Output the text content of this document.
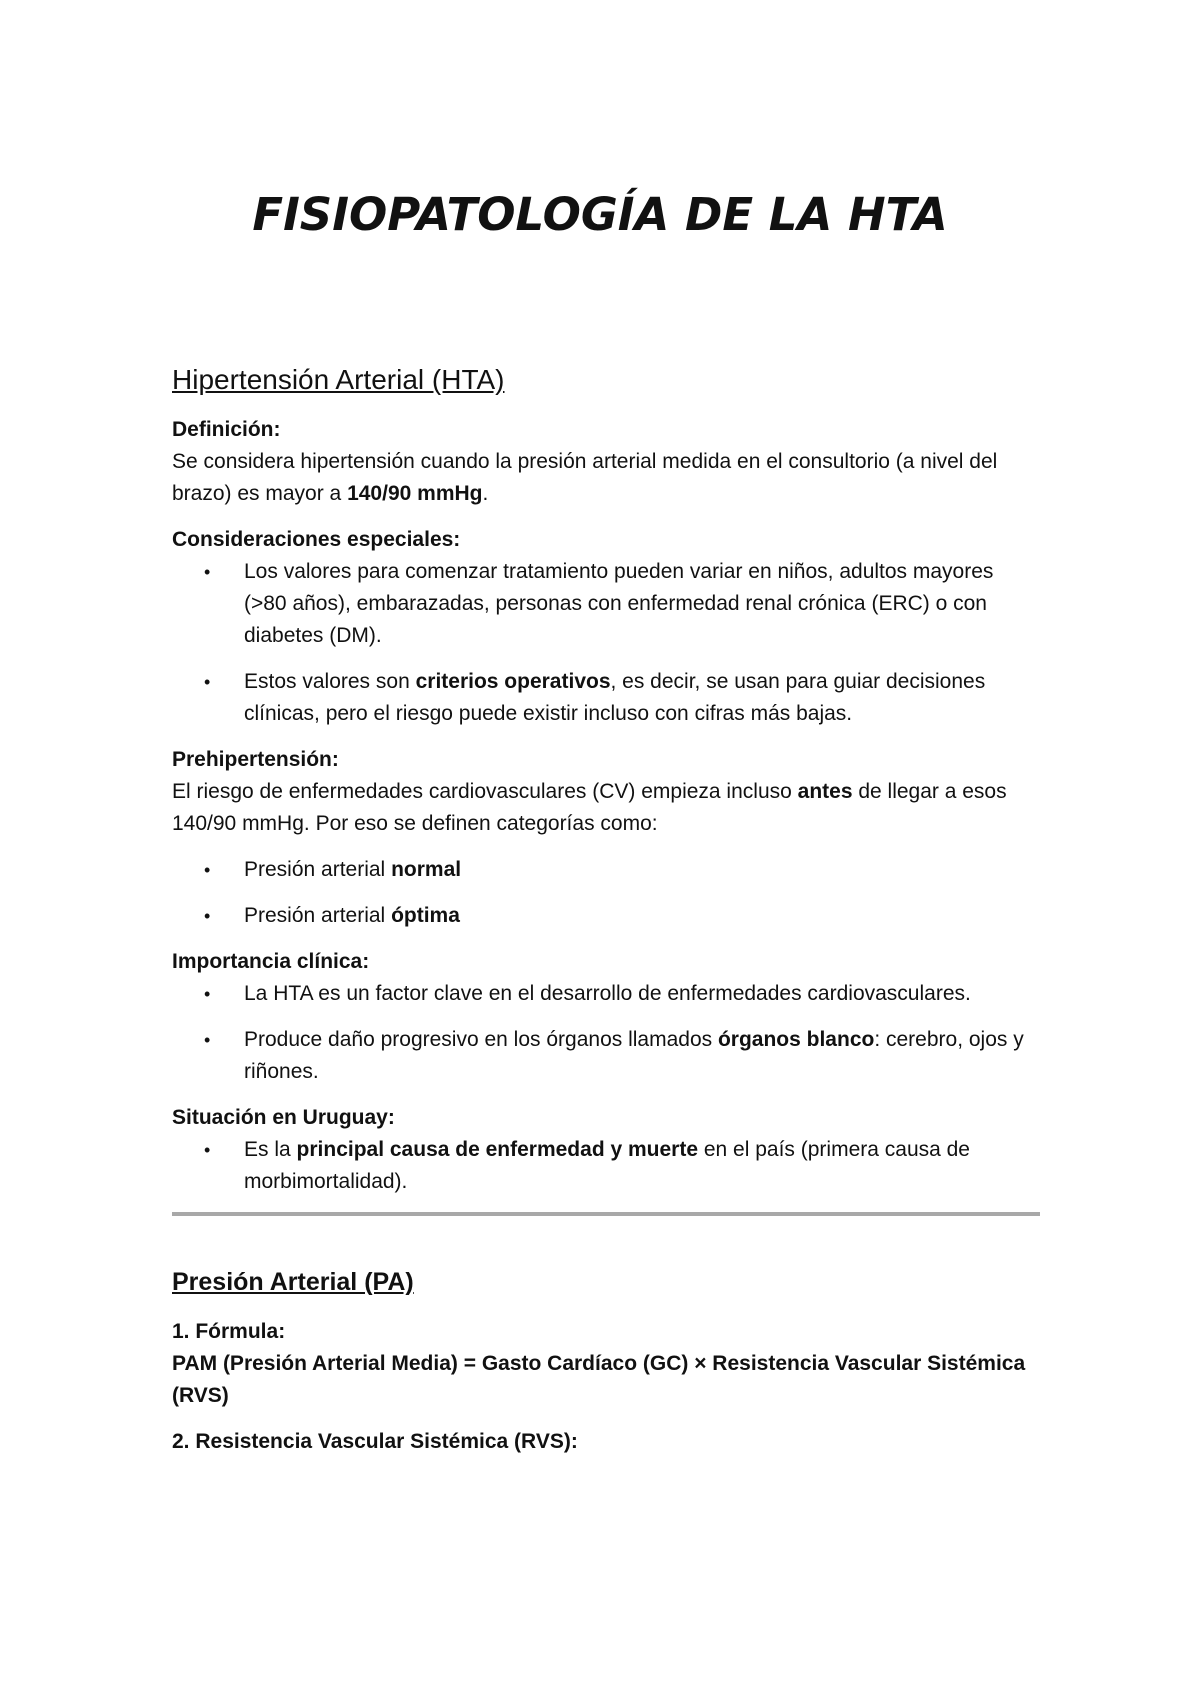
FISIOPATOLOGÍA DE LA HTA
Hipertensión Arterial (HTA)
Definición:
Se considera hipertensión cuando la presión arterial medida en el consultorio (a nivel del brazo) es mayor a 140/90 mmHg.

Consideraciones especiales:

• Los valores para comenzar tratamiento pueden variar en niños, adultos mayores (>80 años), embarazadas, personas con enfermedad renal crónica (ERC) o con diabetes (DM).
• Estos valores son criterios operativos, es decir, se usan para guiar decisiones clínicas, pero el riesgo puede existir incluso con cifras más bajas.
Prehipertensión:
El riesgo de enfermedades cardiovasculares (CV) empieza incluso antes de llegar a esos 140/90 mmHg. Por eso se definen categorías como:
• Presión arterial normal
• Presión arterial óptima

Importancia clínica:

• La HTA es un factor clave en el desarrollo de enfermedades cardiovasculares.
• Produce daño progresivo en los órganos llamados órganos blanco: cerebro, ojos y riñones.

Situación en Uruguay:

• Es la principal causa de enfermedad y muerte en el país (primera causa de morbimortalidad).
Presión Arterial (PA)
1. Fórmula:
PAM (Presión Arterial Media) = Gasto Cardíaco (GC) × Resistencia Vascular Sistémica (RVS)

2. Resistencia Vascular Sistémica (RVS):
